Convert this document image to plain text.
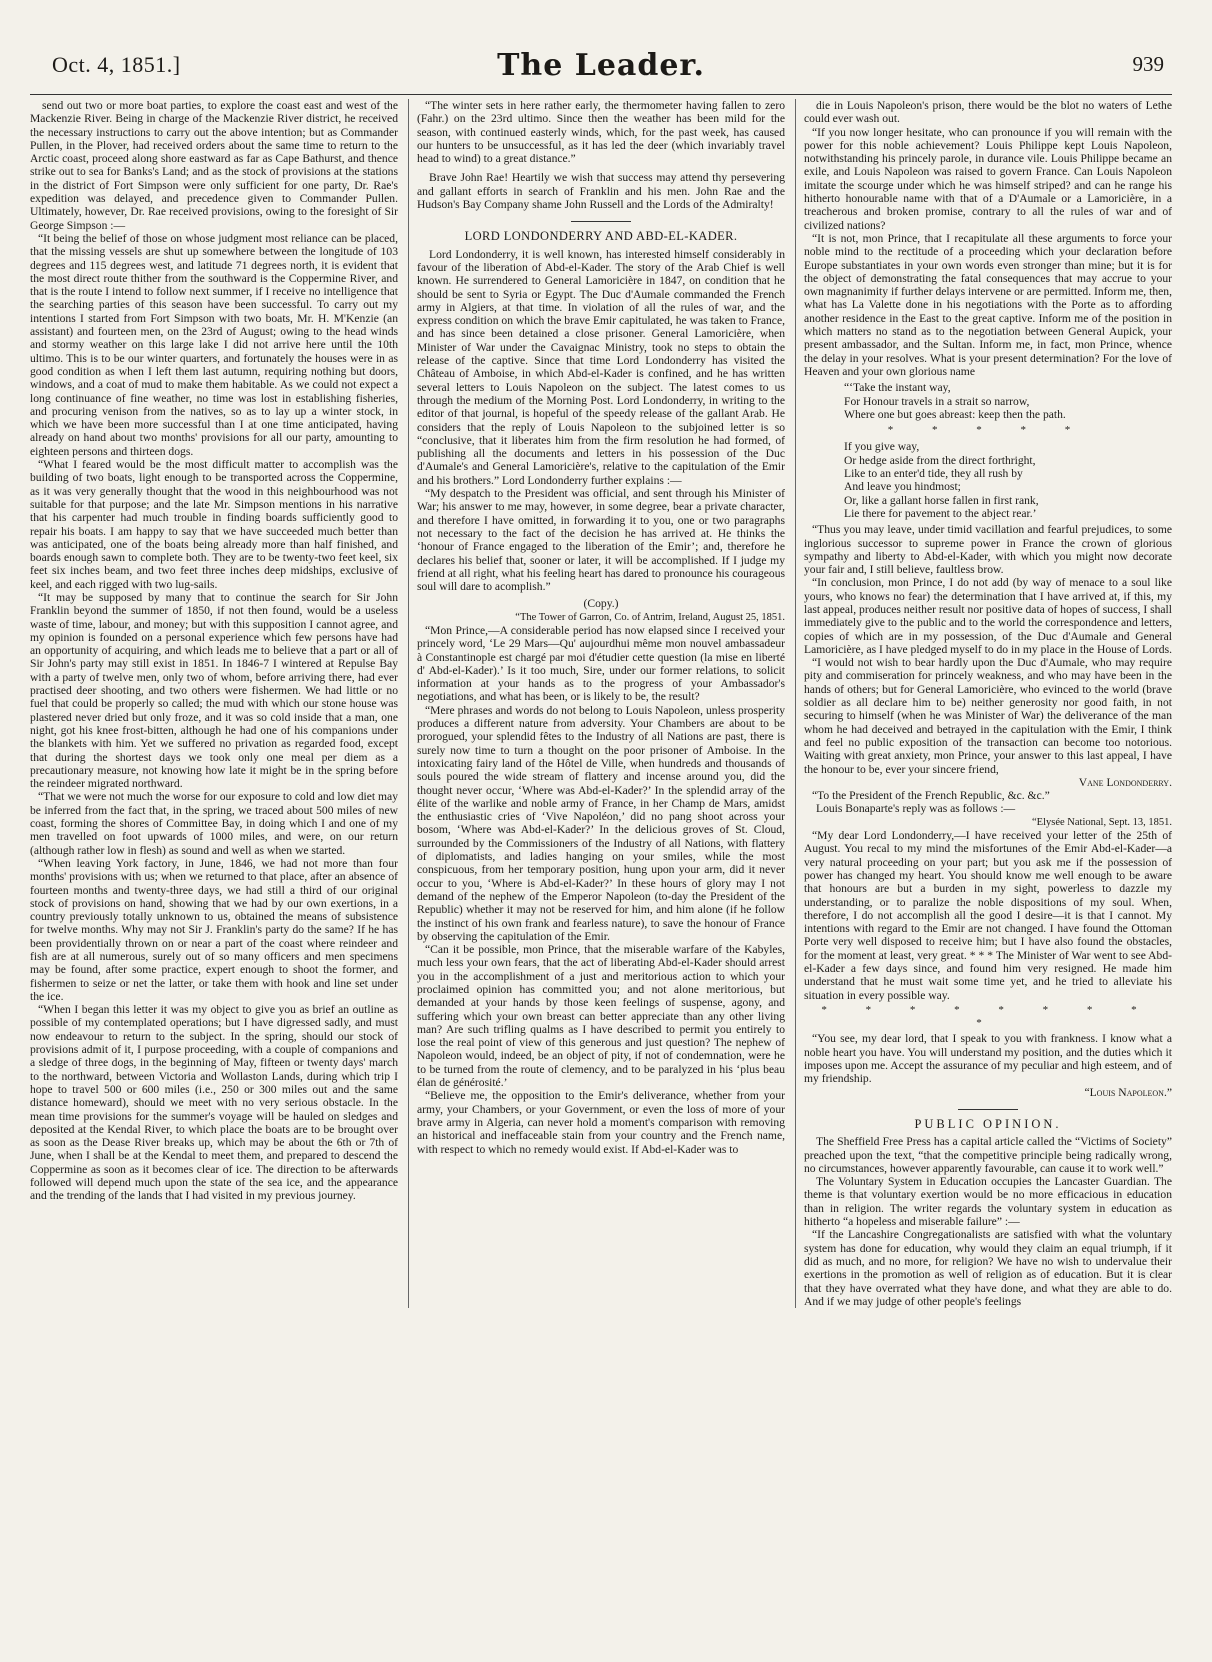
Oct. 4, 1851.]	The Leader.	939

send out two or more boat parties, to explore the coast east and west of the Mackenzie River. Being in charge of the Mackenzie River district, he received the necessary instructions to carry out the above intention; but as Commander Pullen, in the Plover, had received orders about the same time to return to the Arctic coast, proceed along shore eastward as far as Cape Bathurst, and thence strike out to sea for Banks's Land; and as the stock of provisions at the stations in the district of Fort Simpson were only sufficient for one party, Dr. Rae's expedition was delayed, and precedence given to Commander Pullen. Ultimately, however, Dr. Rae received provisions, owing to the foresight of Sir George Simpson :—

“It being the belief of those on whose judgment most reliance can be placed, that the missing vessels are shut up somewhere between the longitude of 103 degrees and 115 degrees west, and latitude 71 degrees north, it is evident that the most direct route thither from the southward is the Coppermine River, and that is the route I intend to follow next summer, if I receive no intelligence that the searching parties of this season have been successful. To carry out my intentions I started from Fort Simpson with two boats, Mr. H. M'Kenzie (an assistant) and fourteen men, on the 23rd of August; owing to the head winds and stormy weather on this large lake I did not arrive here until the 10th ultimo. This is to be our winter quarters, and fortunately the houses were in as good condition as when I left them last autumn, requiring nothing but doors, windows, and a coat of mud to make them habitable. As we could not expect a long continuance of fine weather, no time was lost in establishing fisheries, and procuring venison from the natives, so as to lay up a winter stock, in which we have been more successful than I at one time anticipated, having already on hand about two months' provisions for all our party, amounting to eighteen persons and thirteen dogs.

“What I feared would be the most difficult matter to accomplish was the building of two boats, light enough to be transported across the Coppermine, as it was very generally thought that the wood in this neighbourhood was not suitable for that purpose; and the late Mr. Simpson mentions in his narrative that his carpenter had much trouble in finding boards sufficiently good to repair his boats. I am happy to say that we have succeeded much better than was anticipated, one of the boats being already more than half finished, and boards enough sawn to complete both. They are to be twenty-two feet keel, six feet six inches beam, and two feet three inches deep midships, exclusive of keel, and each rigged with two lug-sails.

“It may be supposed by many that to continue the search for Sir John Franklin beyond the summer of 1850, if not then found, would be a useless waste of time, labour, and money; but with this supposition I cannot agree, and my opinion is founded on a personal experience which few persons have had an opportunity of acquiring, and which leads me to believe that a part or all of Sir John's party may still exist in 1851. In 1846-7 I wintered at Repulse Bay with a party of twelve men, only two of whom, before arriving there, had ever practised deer shooting, and two others were fishermen. We had little or no fuel that could be properly so called; the mud with which our stone house was plastered never dried but only froze, and it was so cold inside that a man, one night, got his knee frost-bitten, although he had one of his companions under the blankets with him. Yet we suffered no privation as regarded food, except that during the shortest days we took only one meal per diem as a precautionary measure, not knowing how late it might be in the spring before the reindeer migrated northward.

“That we were not much the worse for our exposure to cold and low diet may be inferred from the fact that, in the spring, we traced about 500 miles of new coast, forming the shores of Committee Bay, in doing which I and one of my men travelled on foot upwards of 1000 miles, and were, on our return (although rather low in flesh) as sound and well as when we started.

“When leaving York factory, in June, 1846, we had not more than four months' provisions with us; when we returned to that place, after an absence of fourteen months and twenty-three days, we had still a third of our original stock of provisions on hand, showing that we had by our own exertions, in a country previously totally unknown to us, obtained the means of subsistence for twelve months. Why may not Sir J. Franklin's party do the same? If he has been providentially thrown on or near a part of the coast where reindeer and fish are at all numerous, surely out of so many officers and men specimens may be found, after some practice, expert enough to shoot the former, and fishermen to seize or net the latter, or take them with hook and line set under the ice.

“When I began this letter it was my object to give you as brief an outline as possible of my contemplated operations; but I have digressed sadly, and must now endeavour to return to the subject. In the spring, should our stock of provisions admit of it, I purpose proceeding, with a couple of companions and a sledge of three dogs, in the beginning of May, fifteen or twenty days' march to the northward, between Victoria and Wollaston Lands, during which trip I hope to travel 500 or 600 miles (i.e., 250 or 300 miles out and the same distance homeward), should we meet with no very serious obstacle. In the mean time provisions for the summer's voyage will be hauled on sledges and deposited at the Kendal River, to which place the boats are to be brought over as soon as the Dease River breaks up, which may be about the 6th or 7th of June, when I shall be at the Kendal to meet them, and prepared to descend the Coppermine as soon as it becomes clear of ice. The direction to be afterwards followed will depend much upon the state of the sea ice, and the appearance and the trending of the lands that I had visited in my previous journey.

“The winter sets in here rather early, the thermometer having fallen to zero (Fahr.) on the 23rd ultimo. Since then the weather has been mild for the season, with continued easterly winds, which, for the past week, has caused our hunters to be unsuccessful, as it has led the deer (which invariably travel head to wind) to a great distance.”

Brave John Rae! Heartily we wish that success may attend thy persevering and gallant efforts in search of Franklin and his men. John Rae and the Hudson's Bay Company shame John Russell and the Lords of the Admiralty!

LORD LONDONDERRY AND ABD-EL-KADER.

Lord Londonderry, it is well known, has interested himself considerably in favour of the liberation of Abd-el-Kader. The story of the Arab Chief is well known. He surrendered to General Lamoricière in 1847, on condition that he should be sent to Syria or Egypt. The Duc d'Aumale commanded the French army in Algiers, at that time. In violation of all the rules of war, and the express condition on which the brave Emir capitulated, he was taken to France, and has since been detained a close prisoner. General Lamoricière, when Minister of War under the Cavaignac Ministry, took no steps to obtain the release of the captive. Since that time Lord Londonderry has visited the Château of Amboise, in which Abd-el-Kader is confined, and he has written several letters to Louis Napoleon on the subject. The latest comes to us through the medium of the Morning Post. Lord Londonderry, in writing to the editor of that journal, is hopeful of the speedy release of the gallant Arab. He considers that the reply of Louis Napoleon to the subjoined letter is so “conclusive, that it liberates him from the firm resolution he had formed, of publishing all the documents and letters in his possession of the Duc d'Aumale's and General Lamoricière's, relative to the capitulation of the Emir and his brothers.” Lord Londonderry further explains :—

“My despatch to the President was official, and sent through his Minister of War; his answer to me may, however, in some degree, bear a private character, and therefore I have omitted, in forwarding it to you, one or two paragraphs not necessary to the fact of the decision he has arrived at. He thinks the ‘honour of France engaged to the liberation of the Emir’; and, therefore he declares his belief that, sooner or later, it will be accomplished. If I judge my friend at all right, what his feeling heart has dared to pronounce his courageous soul will dare to acomplish.”

(Copy.)

“The Tower of Garron, Co. of Antrim, Ireland, August 25, 1851.

“Mon Prince,—A considerable period has now elapsed since I received your princely word, ‘Le 29 Mars—Qu' aujourdhui même mon nouvel ambassadeur à Constantinople est chargé par moi d'étudier cette question (la mise en liberté d' Abd-el-Kader).’ Is it too much, Sire, under our former relations, to solicit information at your hands as to the progress of your Ambassador's negotiations, and what has been, or is likely to be, the result?

“Mere phrases and words do not belong to Louis Napoleon, unless prosperity produces a different nature from adversity. Your Chambers are about to be prorogued, your splendid fêtes to the Industry of all Nations are past, there is surely now time to turn a thought on the poor prisoner of Amboise. In the intoxicating fairy land of the Hôtel de Ville, when hundreds and thousands of souls poured the wide stream of flattery and incense around you, did the thought never occur, ‘Where was Abd-el-Kader?’ In the splendid array of the élite of the warlike and noble army of France, in her Champ de Mars, amidst the enthusiastic cries of ‘Vive Napoléon,’ did no pang shoot across your bosom, ‘Where was Abd-el-Kader?’ In the delicious groves of St. Cloud, surrounded by the Commissioners of the Industry of all Nations, with flattery of diplomatists, and ladies hanging on your smiles, while the most conspicuous, from her temporary position, hung upon your arm, did it never occur to you, ‘Where is Abd-el-Kader?’ In these hours of glory may I not demand of the nephew of the Emperor Napoleon (to-day the President of the Republic) whether it may not be reserved for him, and him alone (if he follow the instinct of his own frank and fearless nature), to save the honour of France by observing the capitulation of the Emir.

“Can it be possible, mon Prince, that the miserable warfare of the Kabyles, much less your own fears, that the act of liberating Abd-el-Kader should arrest you in the accomplishment of a just and meritorious action to which your proclaimed opinion has committed you; and not alone meritorious, but demanded at your hands by those keen feelings of suspense, agony, and suffering which your own breast can better appreciate than any other living man? Are such trifling qualms as I have described to permit you entirely to lose the real point of view of this generous and just question? The nephew of Napoleon would, indeed, be an object of pity, if not of condemnation, were he to be turned from the route of clemency, and to be paralyzed in his ‘plus beau élan de générosité.’

“Believe me, the opposition to the Emir's deliverance, whether from your army, your Chambers, or your Government, or even the loss of more of your brave army in Algeria, can never hold a moment's comparison with removing an historical and ineffaceable stain from your country and the French name, with respect to which no remedy would exist. If Abd-el-Kader was to

die in Louis Napoleon's prison, there would be the blot no waters of Lethe could ever wash out.

“If you now longer hesitate, who can pronounce if you will remain with the power for this noble achievement? Louis Philippe kept Louis Napoleon, notwithstanding his princely parole, in durance vile. Louis Philippe became an exile, and Louis Napoleon was raised to govern France. Can Louis Napoleon imitate the scourge under which he was himself striped? and can he range his hitherto honourable name with that of a D'Aumale or a Lamoricière, in a treacherous and broken promise, contrary to all the rules of war and of civilized nations?

“It is not, mon Prince, that I recapitulate all these arguments to force your noble mind to the rectitude of a proceeding which your declaration before Europe substantiates in your own words even stronger than mine; but it is for the object of demonstrating the fatal consequences that may accrue to your own magnanimity if further delays intervene or are permitted. Inform me, then, what has La Valette done in his negotiations with the Porte as to affording another residence in the East to the great captive. Inform me of the position in which matters no stand as to the negotiation between General Aupick, your present ambassador, and the Sultan. Inform me, in fact, mon Prince, whence the delay in your resolves. What is your present determination? For the love of Heaven and your own glorious name

“‘Take the instant way,
For Honour travels in a strait so narrow,
Where one but goes abreast: keep then the path.
* * * * *
If you give way,
Or hedge aside from the direct forthright,
Like to an enter'd tide, they all rush by
And leave you hindmost;
Or, like a gallant horse fallen in first rank,
Lie there for pavement to the abject rear.’

“Thus you may leave, under timid vacillation and fearful prejudices, to some inglorious successor to supreme power in France the crown of glorious sympathy and liberty to Abd-el-Kader, with which you might now decorate your fair and, I still believe, faultless brow.

“In conclusion, mon Prince, I do not add (by way of menace to a soul like yours, who knows no fear) the determination that I have arrived at, if this, my last appeal, produces neither result nor positive data of hopes of success, I shall immediately give to the public and to the world the correspondence and letters, copies of which are in my possession, of the Duc d'Aumale and General Lamoricière, as I have pledged myself to do in my place in the House of Lords.

“I would not wish to bear hardly upon the Duc d'Aumale, who may require pity and commiseration for princely weakness, and who may have been in the hands of others; but for General Lamoricière, who evinced to the world (brave soldier as all declare him to be) neither generosity nor good faith, in not securing to himself (when he was Minister of War) the deliverance of the man whom he had deceived and betrayed in the capitulation with the Emir, I think and feel no public exposition of the transaction can become too notorious. Waiting with great anxiety, mon Prince, your answer to this last appeal, I have the honour to be, ever your sincere friend,

Vane Londonderry.

“To the President of the French Republic, &c. &c.”

Louis Bonaparte's reply was as follows :—

“Elysée National, Sept. 13, 1851.

“My dear Lord Londonderry,—I have received your letter of the 25th of August. You recal to my mind the misfortunes of the Emir Abd-el-Kader—a very natural proceeding on your part; but you ask me if the possession of power has changed my heart. You should know me well enough to be aware that honours are but a burden in my sight, powerless to dazzle my understanding, or to paralize the noble dispositions of my soul. When, therefore, I do not accomplish all the good I desire—it is that I cannot. My intentions with regard to the Emir are not changed. I have found the Ottoman Porte very well disposed to receive him; but I have also found the obstacles, for the moment at least, very great. * * * The Minister of War went to see Abd-el-Kader a few days since, and found him very resigned. He made him understand that he must wait some time yet, and he tried to alleviate his situation in every possible way.

* * * * * * * * *

“You see, my dear lord, that I speak to you with frankness. I know what a noble heart you have. You will understand my position, and the duties which it imposes upon me. Accept the assurance of my peculiar and high esteem, and of my friendship.

“Louis Napoleon.”

PUBLIC OPINION.

The Sheffield Free Press has a capital article called the “Victims of Society” preached upon the text, “that the competitive principle being radically wrong, no circumstances, however apparently favourable, can cause it to work well.”

The Voluntary System in Education occupies the Lancaster Guardian. The theme is that voluntary exertion would be no more efficacious in education than in religion. The writer regards the voluntary system in education as hitherto “a hopeless and miserable failure” :—

“If the Lancashire Congregationalists are satisfied with what the voluntary system has done for education, why would they claim an equal triumph, if it did as much, and no more, for religion? We have no wish to undervalue their exertions in the promotion as well of religion as of education. But it is clear that they have overrated what they have done, and what they are able to do. And if we may judge of other people's feelings
